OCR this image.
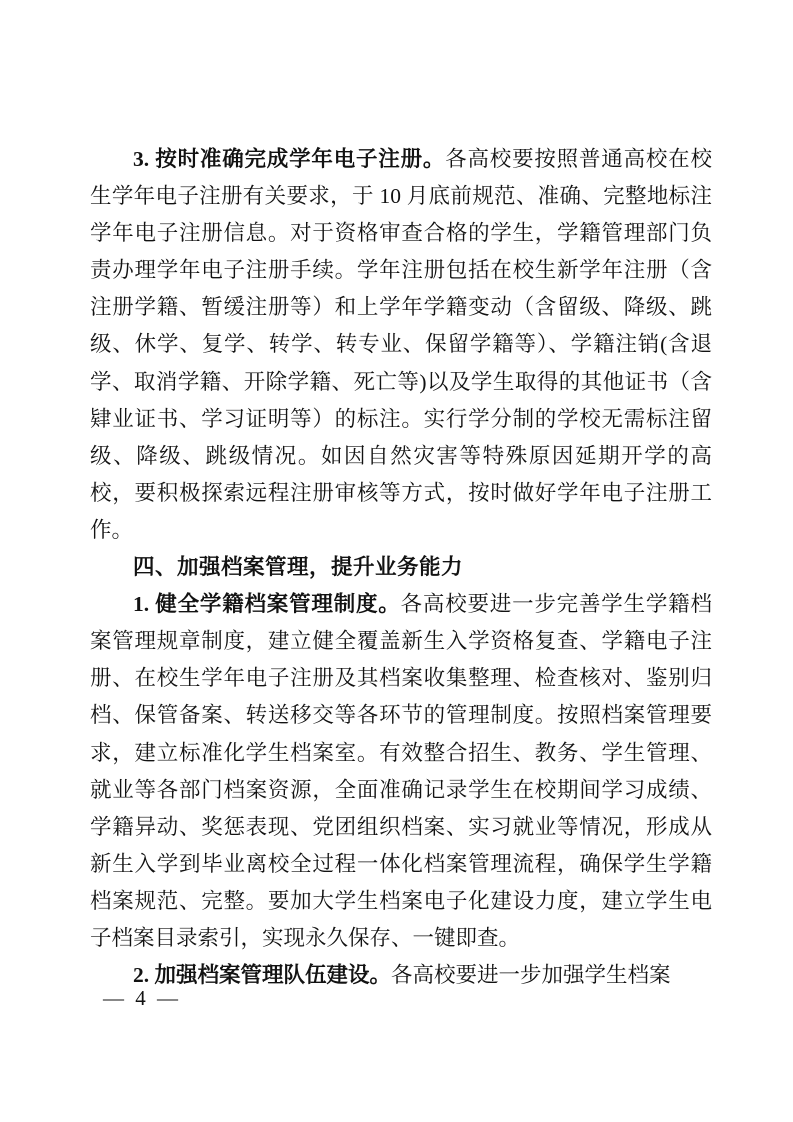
3. 按时准确完成学年电子注册。各高校要按照普通高校在校生学年电子注册有关要求，于 10 月底前规范、准确、完整地标注学年电子注册信息。对于资格审查合格的学生，学籍管理部门负责办理学年电子注册手续。学年注册包括在校生新学年注册（含注册学籍、暂缓注册等）和上学年学籍变动（含留级、降级、跳级、休学、复学、转学、转专业、保留学籍等）、学籍注销(含退学、取消学籍、开除学籍、死亡等)以及学生取得的其他证书（含肄业证书、学习证明等）的标注。实行学分制的学校无需标注留级、降级、跳级情况。如因自然灾害等特殊原因延期开学的高校，要积极探索远程注册审核等方式，按时做好学年电子注册工作。

四、加强档案管理，提升业务能力

1. 健全学籍档案管理制度。各高校要进一步完善学生学籍档案管理规章制度，建立健全覆盖新生入学资格复查、学籍电子注册、在校生学年电子注册及其档案收集整理、检查核对、鉴别归档、保管备案、转送移交等各环节的管理制度。按照档案管理要求，建立标准化学生档案室。有效整合招生、教务、学生管理、就业等各部门档案资源，全面准确记录学生在校期间学习成绩、学籍异动、奖惩表现、党团组织档案、实习就业等情况，形成从新生入学到毕业离校全过程一体化档案管理流程，确保学生学籍档案规范、完整。要加大学生档案电子化建设力度，建立学生电子档案目录索引，实现永久保存、一键即查。

2. 加强档案管理队伍建设。各高校要进一步加强学生档案

— 4 —
